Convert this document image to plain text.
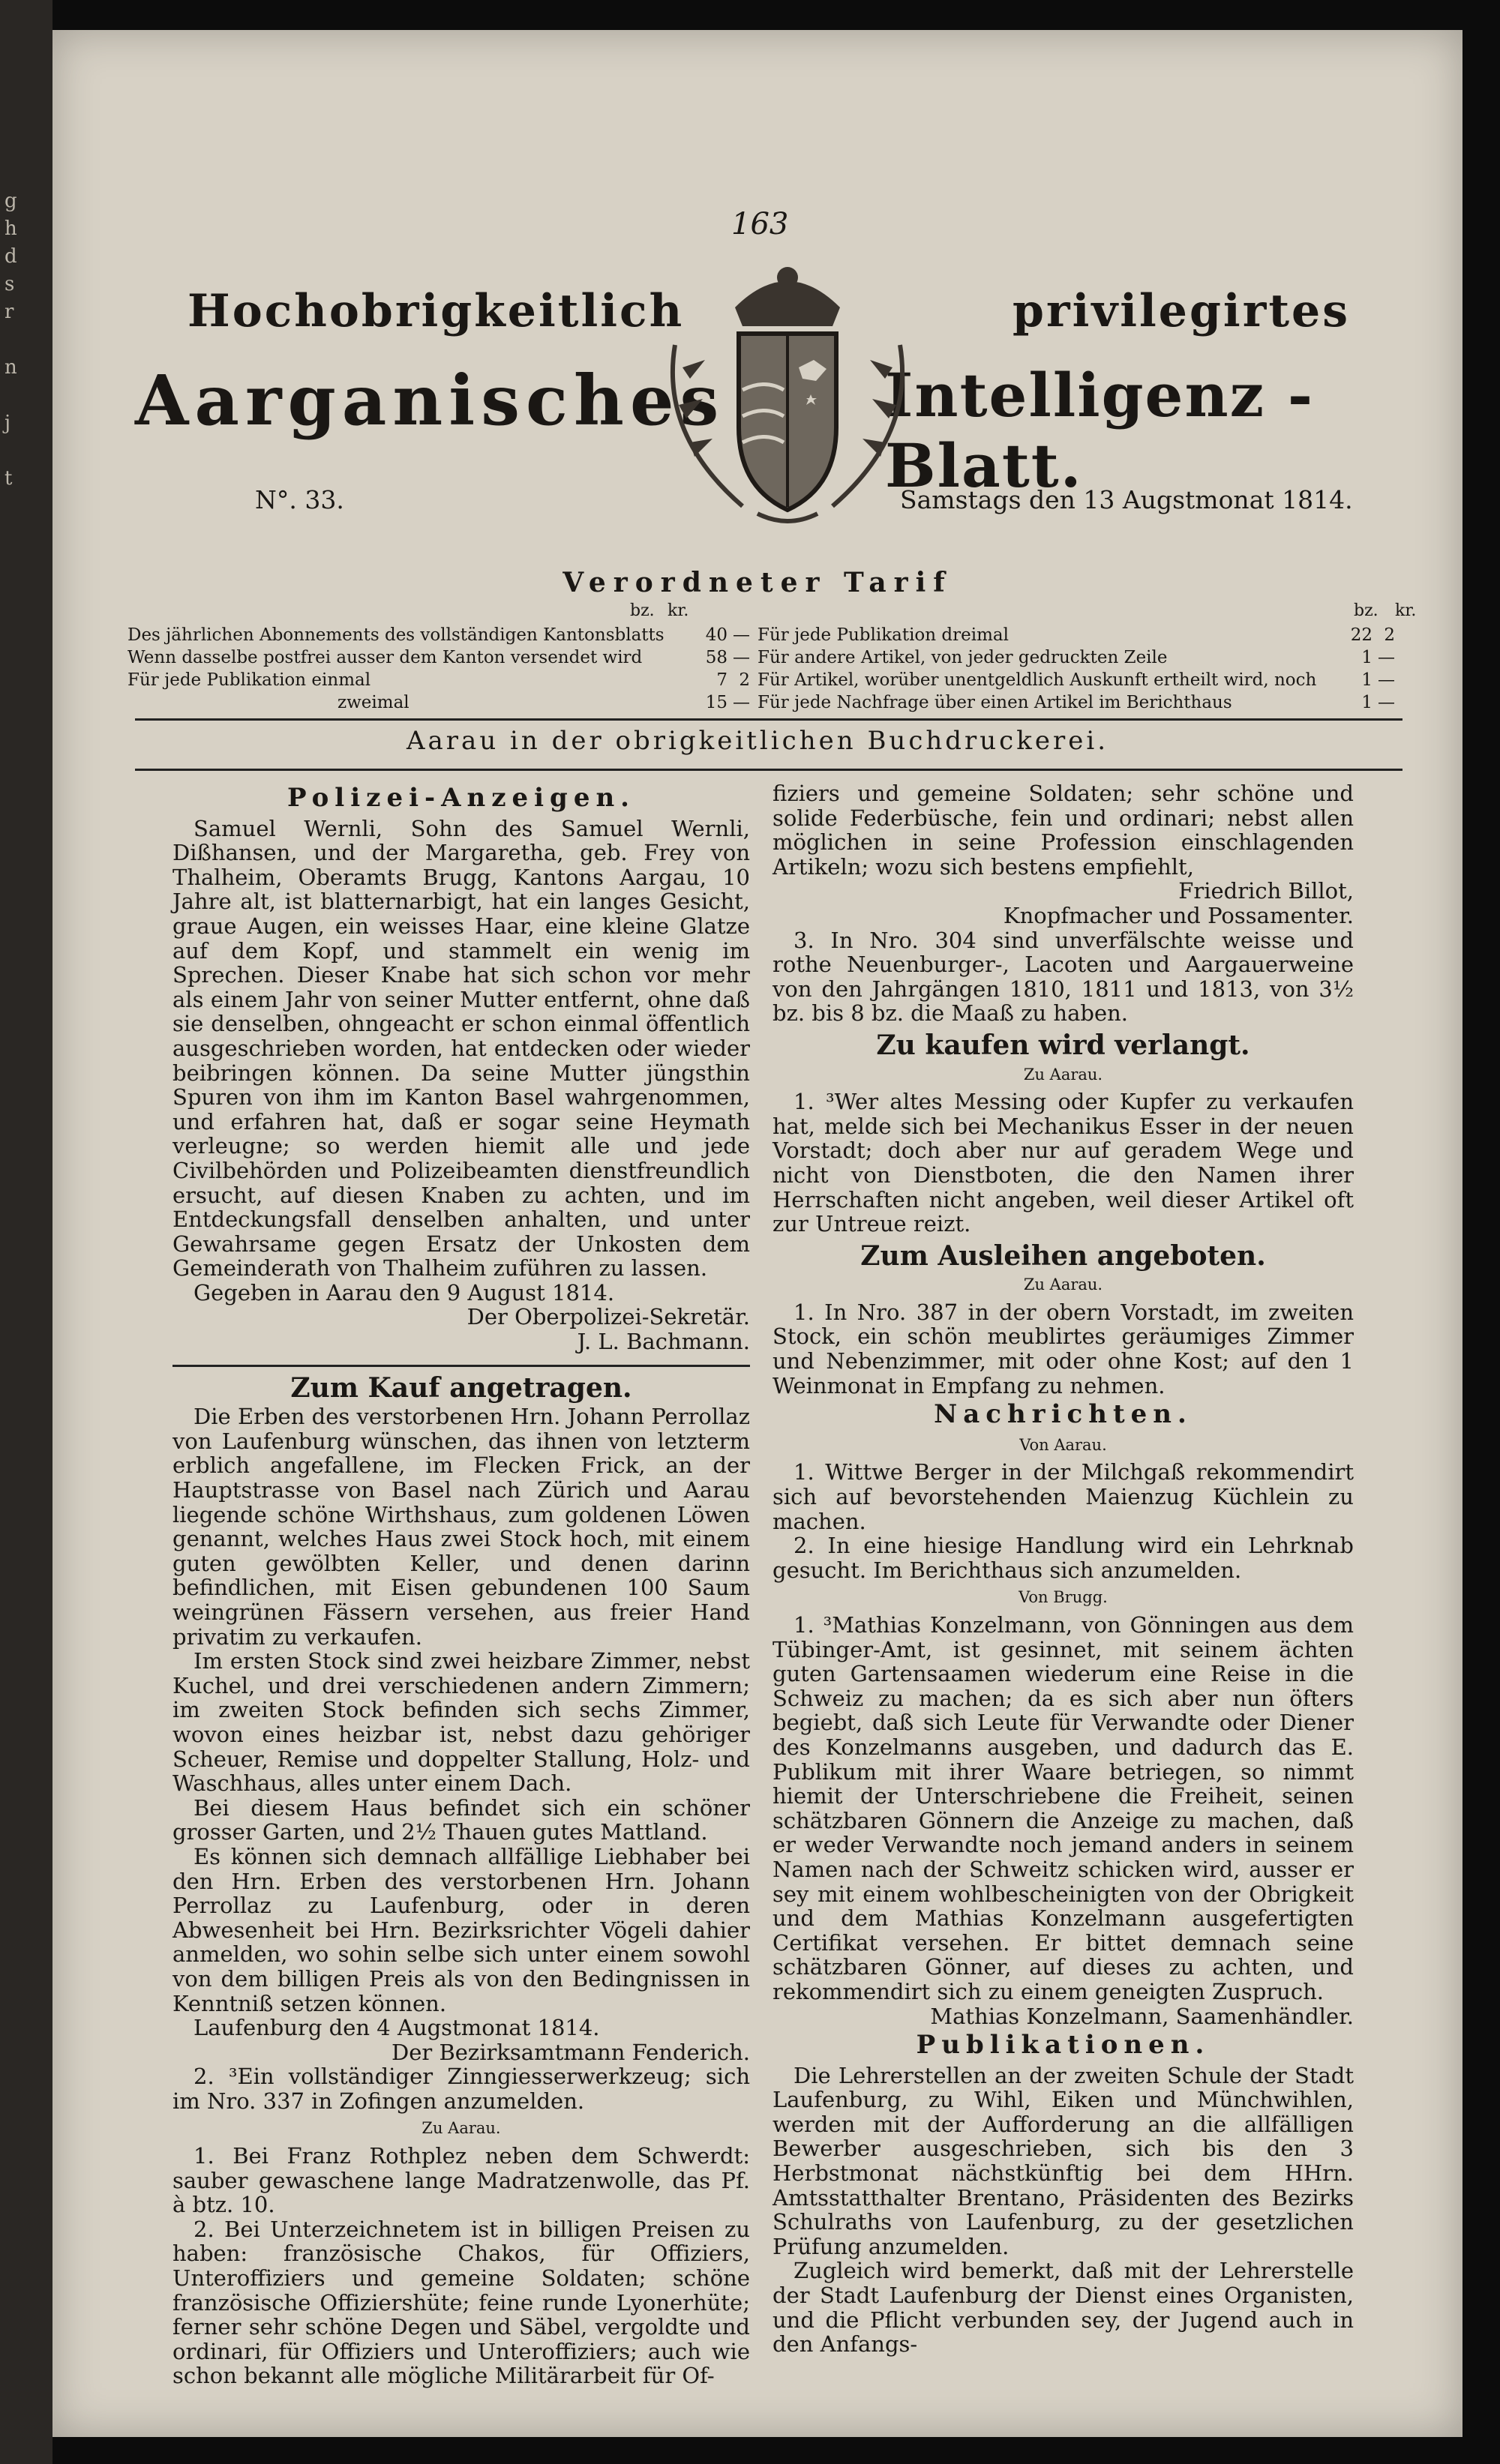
g
h
d
s
r

n

j

t
163
Hochobrigkeitlich	privilegirtes
Aarganisches	Intelligenz - Blatt.
N°. 33.	Samstags den 13 Augstmonat 1814.
Verordneter Tarif
bz. kr.	bz. kr.
Des jährlichen Abonnements des vollständigen Kantonsblatts	40 —
Wenn dasselbe postfrei ausser dem Kanton versendet wird	58 —
Für jede Publikation einmal	7 2
zweimal	15 —
Für jede Publikation dreimal	22 2
Für andere Artikel, von jeder gedruckten Zeile	1 —
Für Artikel, worüber unentgeldlich Auskunft ertheilt wird, noch	1 —
Für jede Nachfrage über einen Artikel im Berichthaus	1 —
Aarau in der obrigkeitlichen Buchdruckerei.

Polizei-Anzeigen.

Samuel Wernli, Sohn des Samuel Wernli, Dißhansen, und der Margaretha, geb. Frey von Thalheim, Oberamts Brugg, Kantons Aargau, 10 Jahre alt, ist blatternarbigt, hat ein langes Gesicht, graue Augen, ein weisses Haar, eine kleine Glatze auf dem Kopf, und stammelt ein wenig im Sprechen. Dieser Knabe hat sich schon vor mehr als einem Jahr von seiner Mutter entfernt, ohne daß sie denselben, ohngeacht er schon einmal öffentlich ausgeschrieben worden, hat entdecken oder wieder beibringen können. Da seine Mutter jüngsthin Spuren von ihm im Kanton Basel wahrgenommen, und erfahren hat, daß er sogar seine Heymath verleugne; so werden hiemit alle und jede Civilbehörden und Polizeibeamten dienstfreundlich ersucht, auf diesen Knaben zu achten, und im Entdeckungsfall denselben anhalten, und unter Gewahrsame gegen Ersatz der Unkosten dem Gemeinderath von Thalheim zuführen zu lassen.

Gegeben in Aarau den 9 August 1814.

Der Oberpolizei-Sekretär.

J. L. Bachmann.

Zum Kauf angetragen.

Die Erben des verstorbenen Hrn. Johann Perrollaz von Laufenburg wünschen, das ihnen von letzterm erblich angefallene, im Flecken Frick, an der Hauptstrasse von Basel nach Zürich und Aarau liegende schöne Wirthshaus, zum goldenen Löwen genannt, welches Haus zwei Stock hoch, mit einem guten gewölbten Keller, und denen darinn befindlichen, mit Eisen gebundenen 100 Saum weingrünen Fässern versehen, aus freier Hand privatim zu verkaufen.

Im ersten Stock sind zwei heizbare Zimmer, nebst Kuchel, und drei verschiedenen andern Zimmern; im zweiten Stock befinden sich sechs Zimmer, wovon eines heizbar ist, nebst dazu gehöriger Scheuer, Remise und doppelter Stallung, Holz- und Waschhaus, alles unter einem Dach.

Bei diesem Haus befindet sich ein schöner grosser Garten, und 2½ Thauen gutes Mattland.

Es können sich demnach allfällige Liebhaber bei den Hrn. Erben des verstorbenen Hrn. Johann Perrollaz zu Laufenburg, oder in deren Abwesenheit bei Hrn. Bezirksrichter Vögeli dahier anmelden, wo sohin selbe sich unter einem sowohl von dem billigen Preis als von den Bedingnissen in Kenntniß setzen können.

Laufenburg den 4 Augstmonat 1814.

Der Bezirksamtmann Fenderich.

2. ³Ein vollständiger Zinngiesserwerkzeug; sich im Nro. 337 in Zofingen anzumelden.

Zu Aarau.

1. Bei Franz Rothplez neben dem Schwerdt: sauber gewaschene lange Madratzenwolle, das Pf. à btz. 10.

2. Bei Unterzeichnetem ist in billigen Preisen zu haben: französische Chakos, für Offiziers, Unteroffiziers und gemeine Soldaten; schöne französische Offiziershüte; feine runde Lyonerhüte; ferner sehr schöne Degen und Säbel, vergoldte und ordinari, für Offiziers und Unteroffiziers; auch wie schon bekannt alle mögliche Militärarbeit für Of-

fiziers und gemeine Soldaten; sehr schöne und solide Federbüsche, fein und ordinari; nebst allen möglichen in seine Profession einschlagenden Artikeln; wozu sich bestens empfiehlt,

Friedrich Billot,

Knopfmacher und Possamenter.

3. In Nro. 304 sind unverfälschte weisse und rothe Neuenburger-, Lacoten und Aargauerweine von den Jahrgängen 1810, 1811 und 1813, von 3½ bz. bis 8 bz. die Maaß zu haben.

Zu kaufen wird verlangt.

Zu Aarau.

1. ³Wer altes Messing oder Kupfer zu verkaufen hat, melde sich bei Mechanikus Esser in der neuen Vorstadt; doch aber nur auf geradem Wege und nicht von Dienstboten, die den Namen ihrer Herrschaften nicht angeben, weil dieser Artikel oft zur Untreue reizt.

Zum Ausleihen angeboten.

Zu Aarau.

1. In Nro. 387 in der obern Vorstadt, im zweiten Stock, ein schön meublirtes geräumiges Zimmer und Nebenzimmer, mit oder ohne Kost; auf den 1 Weinmonat in Empfang zu nehmen.

Nachrichten.

Von Aarau.

1. Wittwe Berger in der Milchgaß rekommendirt sich auf bevorstehenden Maienzug Küchlein zu machen.

2. In eine hiesige Handlung wird ein Lehrknab gesucht. Im Berichthaus sich anzumelden.

Von Brugg.

1. ³Mathias Konzelmann, von Gönningen aus dem Tübinger-Amt, ist gesinnet, mit seinem ächten guten Gartensaamen wiederum eine Reise in die Schweiz zu machen; da es sich aber nun öfters begiebt, daß sich Leute für Verwandte oder Diener des Konzelmanns ausgeben, und dadurch das E. Publikum mit ihrer Waare betriegen, so nimmt hiemit der Unterschriebene die Freiheit, seinen schätzbaren Gönnern die Anzeige zu machen, daß er weder Verwandte noch jemand anders in seinem Namen nach der Schweitz schicken wird, ausser er sey mit einem wohlbescheinigten von der Obrigkeit und dem Mathias Konzelmann ausgefertigten Certifikat versehen. Er bittet demnach seine schätzbaren Gönner, auf dieses zu achten, und rekommendirt sich zu einem geneigten Zuspruch.

Mathias Konzelmann, Saamenhändler.

Publikationen.

Die Lehrerstellen an der zweiten Schule der Stadt Laufenburg, zu Wihl, Eiken und Münchwihlen, werden mit der Aufforderung an die allfälligen Bewerber ausgeschrieben, sich bis den 3 Herbstmonat nächstkünftig bei dem HHrn. Amtsstatthalter Brentano, Präsidenten des Bezirks Schulraths von Laufenburg, zu der gesetzlichen Prüfung anzumelden.

Zugleich wird bemerkt, daß mit der Lehrerstelle der Stadt Laufenburg der Dienst eines Organisten, und die Pflicht verbunden sey, der Jugend auch in den Anfangs-
